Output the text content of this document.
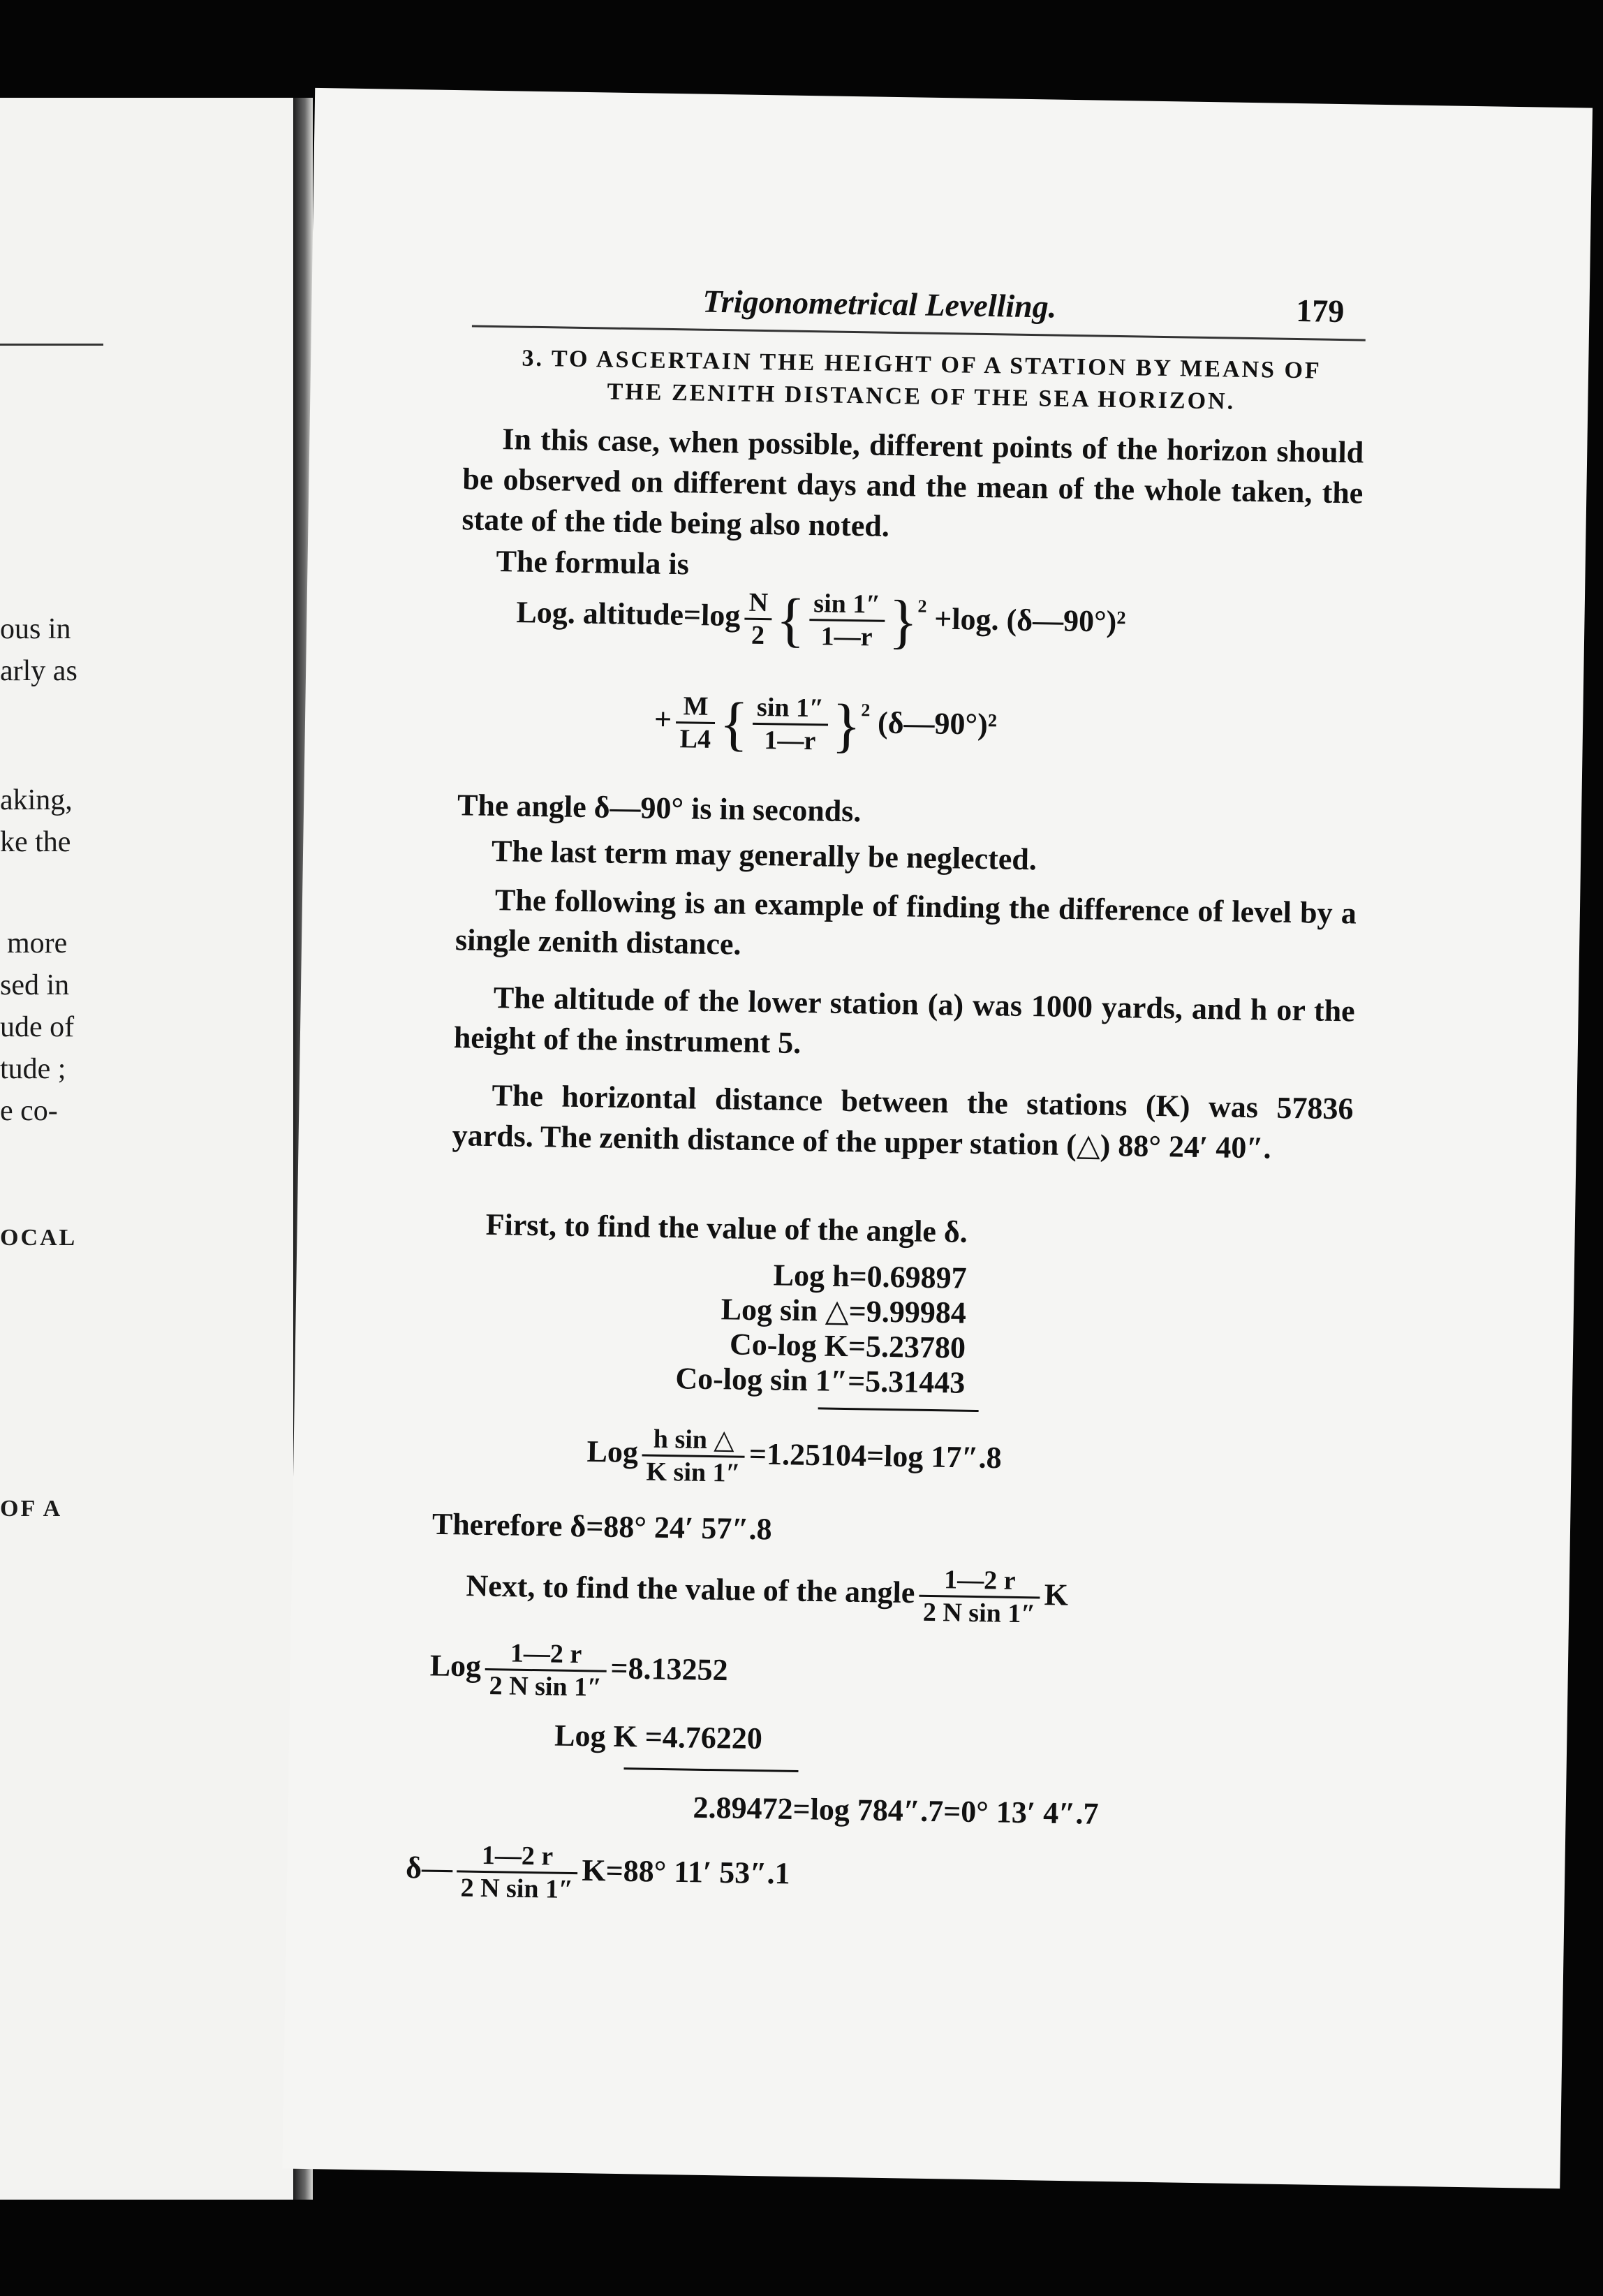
ous in
arly as
aking,
ke the
more
sed in
ude of
tude ;
e co-
OCAL
OF A
Trigonometrical Levelling.	179
3. TO ASCERTAIN THE HEIGHT OF A STATION BY MEANS OF
THE ZENITH DISTANCE OF THE SEA HORIZON.
In this case, when possible, different points of the horizon should be observed on different days and the mean of the whole taken, the state of the tide being also noted.
The formula is
Log. altitude=log $\frac{N}{2}$ { $\frac{\sin 1''}{1—r} \}^2 +\log$. (δ—90°)²
+ $\frac{M}{L4}$ { $\frac{\sin 1''}{1—r} \}^2$ (δ—90°)²
The angle δ—90° is in seconds.
The last term may generally be neglected.
The following is an example of finding the difference of level by a single zenith distance.
The altitude of the lower station (a) was 1000 yards, and h or the height of the instrument 5.
The horizontal distance between the stations (K) was 57836 yards. The zenith distance of the upper station (△) 88° 24′ 40″.
First, to find the value of the angle δ.
Log h=0.69897
Log sin △=9.99984
Co-log K=5.23780
Co-log sin 1″=5.31443
Log $\frac{\text{h sin △}}{\text{K sin 1″}} =1.25104=\log$ 17″.8
Therefore δ=88° 24′ 57″.8
Next, to find the value of the angle $\frac{1—2 r}{\text{2 N sin 1″}}$ K
Log $\frac{1—2 r}{\text{2 N sin 1″}} =8.13252$
Log K =4.76220
2.89472=log 784″.7=0° 13′ 4″.7
δ— $\frac{1—2 r}{\text{2 N sin 1″}} K=88^\circ$ 11′ 53″.1
